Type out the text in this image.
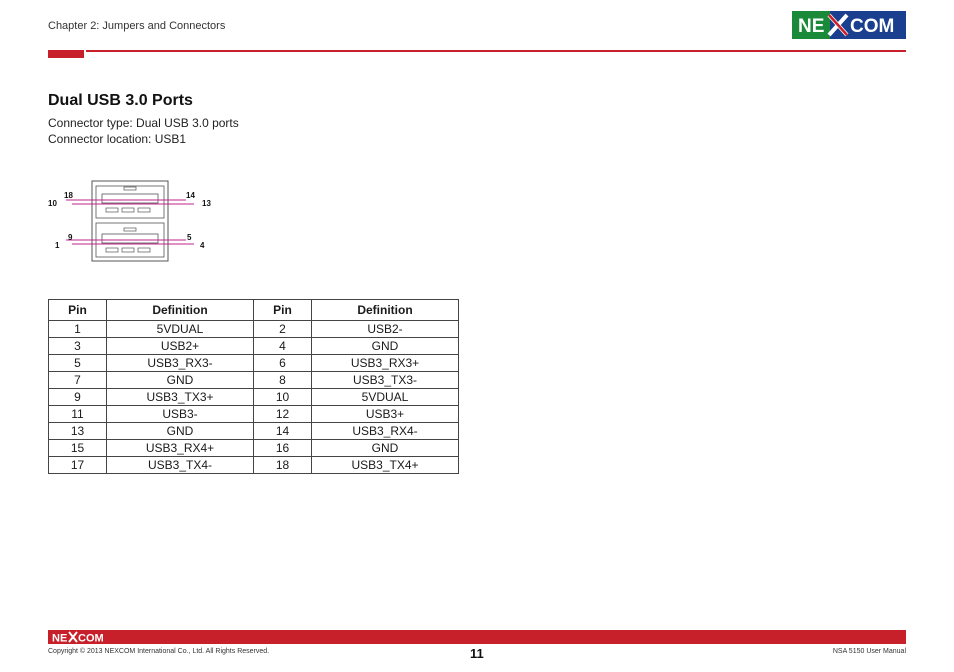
Chapter 2: Jumpers and Connectors	NE COM
Dual USB 3.0 Ports
Connector type: Dual USB 3.0 ports
Connector location: USB1
18
10
14
13
9
1
5
4
Pin	Definition	Pin	Definition
1	5VDUAL	2	USB2-
3	USB2+	4	GND
5	USB3_RX3-	6	USB3_RX3+
7	GND	8	USB3_TX3-
9	USB3_TX3+	10	5VDUAL
11	USB3-	12	USB3+
13	GND	14	USB3_RX4-
15	USB3_RX4+	16	GND
17	USB3_TX4-	18	USB3_TX4+
NE COM
Copyright © 2013 NEXCOM International Co., Ltd. All Rights Reserved.	11	NSA 5150 User Manual
